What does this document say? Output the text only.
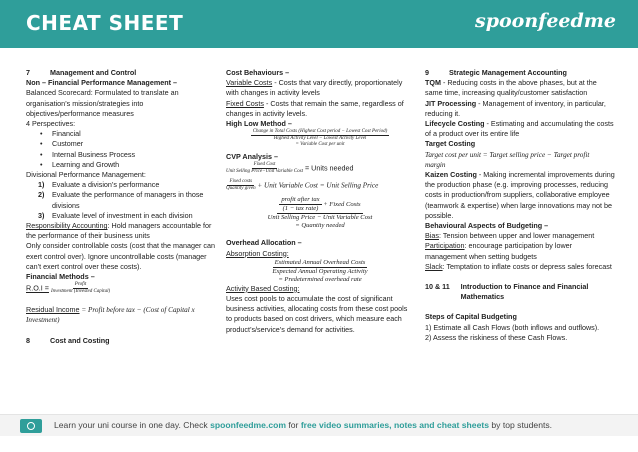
CHEAT SHEET	spoonfeedme
7	Management and Control
Non – Financial Performance Management –
Balanced Scorecard: Formulated to translate an organisation’s mission/strategies into objectives/performance measures
4 Perspectives:
• Financial
• Customer
• Internal Business Process
• Learning and Growth
Divisional Performance Management:
1)	Evaluate a division’s performance
2)	Evaluate the performance of managers in those divisions
3)	Evaluate level of investment in each division
Responsibility Accounting: Hold managers accountable for the performance of their business units
Only consider controllable costs (cost that the manager can exert control over). Ignore uncontrollable costs (manager can’t exert control over these costs).
Financial Methods –
$R.O.I = \frac{\text{Profit}}{\text{Investment (Invested Capital)}}$
Residual Income = Profit before tax − (Cost of Capital x Investment)
8	Cost and Costing
Cost Behaviours –
Variable Costs - Costs that vary directly, proportionately with changes in activity levels
Fixed Costs - Costs that remain the same, regardless of changes in activity levels.
High Low Method –
Change in Total Costs (Highest Cost period − Lowest Cost Period)
Highest Activity Level − Lowest Activity Level
= Variable Cost per unit
CVP Analysis –
$\frac{\text{Fixed Cost}}{\text{Unit Selling Price−Unit Variable Cost}}$ = Units needed
$\frac{\text{Fixed costs}}{\text{Quantity given}}$ + Unit Variable Cost = Unit Selling Price
$\frac{\text{profit after tax}}{\text{(1 − tax rate)}}$ + Fixed Costs
Unit Selling Price − Unit Variable Cost
= Quantity needed
Overhead Allocation –
Absorption Costing:
Estimated Annual Overhead Costs
Expected Annual Operating Activity
= Predetermined overhead rate
Activity Based Costing:
Uses cost pools to accumulate the cost of significant business activities, allocating costs from these cost pools to products based on cost drivers, which measure each product’s/service’s demand for activities.
9	Strategic Management Accounting
TQM - Reducing costs in the above phases, but at the same time, increasing quality/customer satisfaction
JIT Processing - Management of inventory, in particular, reducing it.
Lifecycle Costing - Estimating and accumulating the costs of a product over its entire life
Target Costing
Target cost per unit = Target selling price − Target profit
margin
Kaizen Costing - Making incremental improvements during the production phase (e.g. improving processes, reducing costs in production/from suppliers, collaborative employee (teamwork & expertise) when large innovations may not be possible.
Behavioural Aspects of Budgeting –
Bias: Tension between upper and lower management
Participation: encourage participation by lower management when setting budgets
Slack: Temptation to inflate costs or depress sales forecast
10 & 11	Introduction to Finance and Financial Mathematics
Steps of Capital Budgeting
1) Estimate all Cash Flows (both inflows and outflows).
2) Assess the riskiness of these Cash Flows.
Learn your uni course in one day. Check spoonfeedme.com for free video summaries, notes and cheat sheets by top students.
